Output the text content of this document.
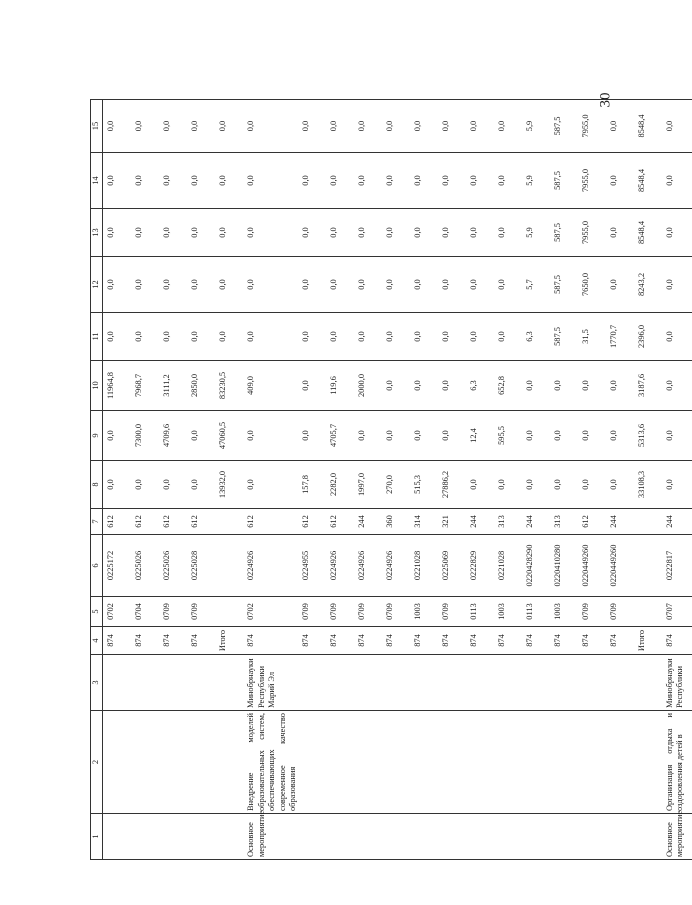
30
1	2	3	4	5	6	7	8	9	10	11	12	13	14	15

			874	0702	0225172	612	0,0	0,0	11964,8	0,0	0,0	0,0	0,0	0,0
			874	0704	0225026	612	0,0	7300,0	7968,7	0,0	0,0	0,0	0,0	0,0
			874	0709	0225026	612	0,0	4709,6	3111,2	0,0	0,0	0,0	0,0	0,0
			874	0709	0225028	612	0,0	0,0	2850,0	0,0	0,0	0,0	0,0	0,0
			Итого				13932,0	47060,5	83230,5	0,0	0,0	0,0	0,0	0,0
Основное мероприятие	Внедрение моделей образовательных систем, обеспечивающих современное качество образования	Минобрнауки Республики Марий Эл	874	0702	0224926	612	0,0	0,0	409,0	0,0	0,0	0,0	0,0	0,0
			874	0709	0224955	612	157,8	0,0	0,0	0,0	0,0	0,0	0,0	0,0
			874	0709	0224926	612	2282,0	4705,7	119,6	0,0	0,0	0,0	0,0	0,0
			874	0709	0224926	244	1997,0	0,0	2000,0	0,0	0,0	0,0	0,0	0,0
			874	0709	0224926	360	270,0	0,0	0,0	0,0	0,0	0,0	0,0	0,0
			874	1003	0221028	314	515,3	0,0	0,0	0,0	0,0	0,0	0,0	0,0
			874	0709	0225069	321	27886,2	0,0	0,0	0,0	0,0	0,0	0,0	0,0
			874	0113	0222829	244	0,0	12,4	6,3	0,0	0,0	0,0	0,0	0,0
			874	1003	0221028	313	0,0	595,5	652,8	0,0	0,0	0,0	0,0	0,0
			874	0113	0220428290	244	0,0	0,0	0,0	6,3	5,7	5,9	5,9	5,9
			874	1003	0220410280	313	0,0	0,0	0,0	587,5	587,5	587,5	587,5	587,5
			874	0709	0220449260	612	0,0	0,0	0,0	31,5	7650,0	7955,0	7955,0	7955,0
			874	0709	0220449260	244	0,0	0,0	0,0	1770,7	0,0	0,0	0,0	0,0
			Итого				33108,3	5313,6	3187,6	2396,0	8243,2	8548,4	8548,4	8548,4
Основное мероприятие	Организация отдыха и оздоровления детей в	Минобрнауки Республики	874	0707	0222817	244	0,0	0,0	0,0	0,0	0,0	0,0	0,0	0,0
